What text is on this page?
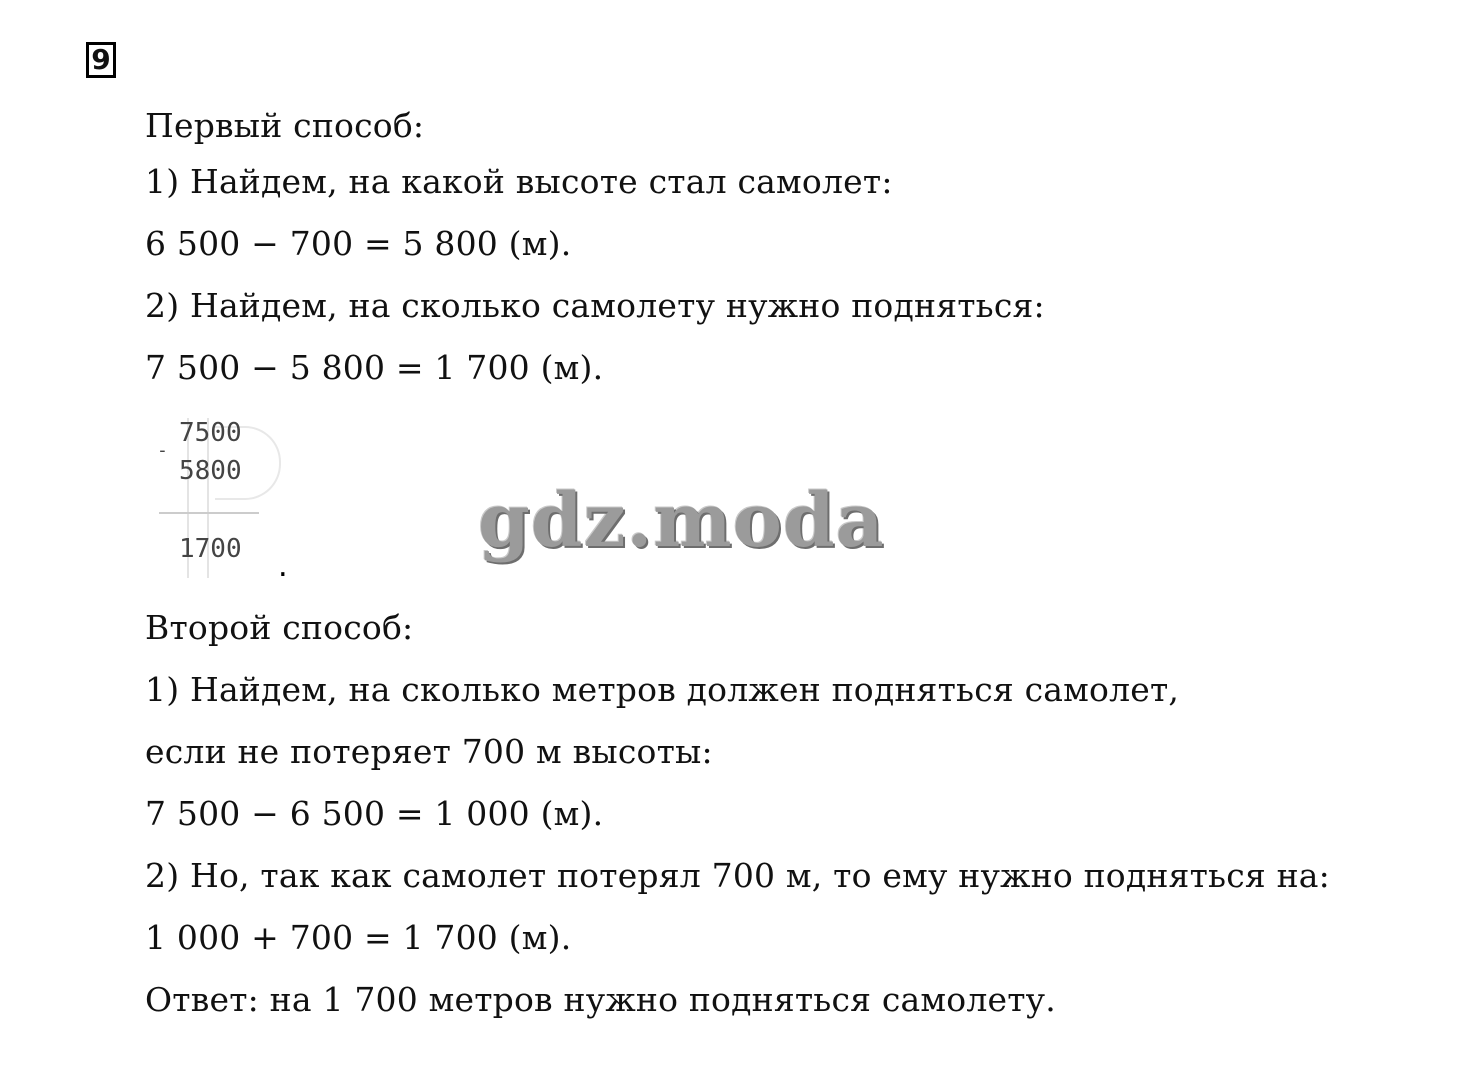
9
Первый способ:
1) Найдем, на какой высоте стал самолет:
6 500 − 700 = 5 800 (м).
2) Найдем, на сколько самолету нужно подняться:
7 500 − 5 800 = 1 700 (м).
7500
-
5800
1700
.
gdz.moda
Второй способ:
1) Найдем, на сколько метров должен подняться самолет,
если не потеряет 700 м высоты:
7 500 − 6 500 = 1 000 (м).
2) Но, так как самолет потерял 700 м, то ему нужно подняться на:
1 000 + 700 = 1 700 (м).
Ответ: на 1 700 метров нужно подняться самолету.
